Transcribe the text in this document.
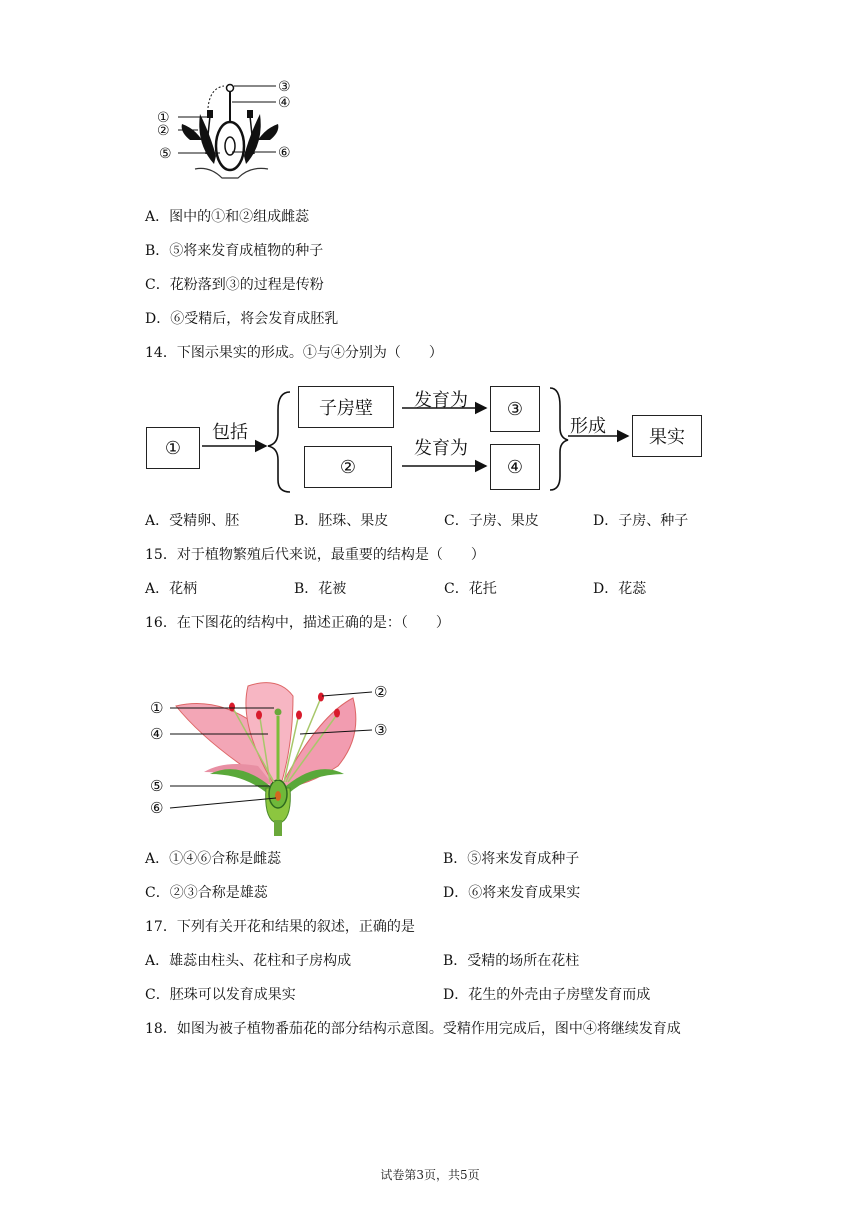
①
②
③
④
⑤	⑥
A．图中的①和②组成雌蕊
B．⑤将来发育成植物的种子
C．花粉落到③的过程是传粉
D．⑥受精后，将会发育成胚乳
14．下图示果实的形成。①与④分别为（　　）
①
包括
子房壁
②
发育为
发育为
③
④
形成
果实
A．受精卵、胚	B．胚珠、果皮	C．子房、果皮	D．子房、种子
15．对于植物繁殖后代来说，最重要的结构是（　　）
A．花柄	B．花被	C．花托	D．花蕊
16．在下图花的结构中，描述正确的是：（　　）
①
②
③
④
⑤
⑥
A．①④⑥合称是雌蕊	B．⑤将来发育成种子
C．②③合称是雄蕊	D．⑥将来发育成果实
17．下列有关开花和结果的叙述，正确的是
A．雄蕊由柱头、花柱和子房构成	B．受精的场所在花柱
C．胚珠可以发育成果实	D．花生的外壳由子房壁发育而成
18．如图为被子植物番茄花的部分结构示意图。受精作用完成后，图中④将继续发育成
试卷第3页，共5页
